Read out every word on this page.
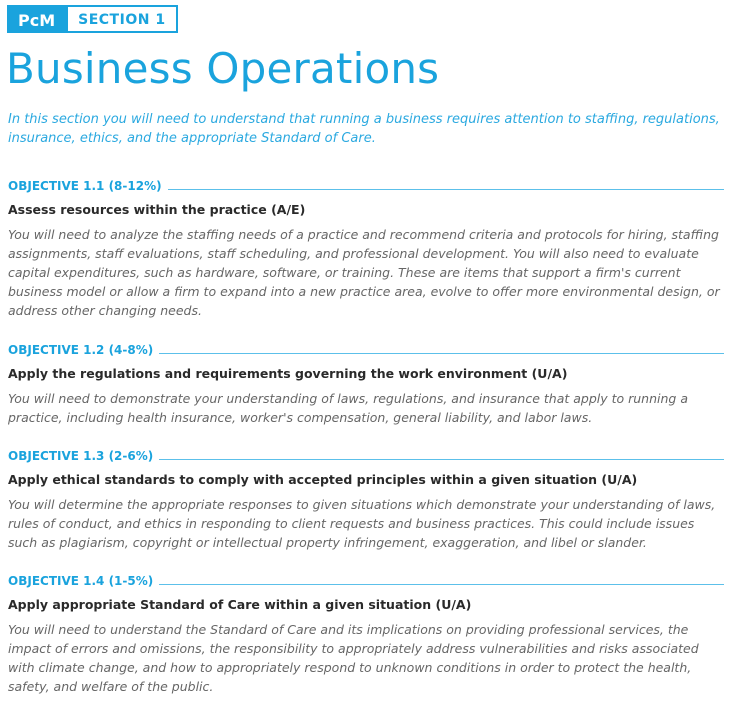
PcM	SECTION 1
Business Operations

In this section you will need to understand that running a business requires attention to staffing, regulations, insurance, ethics, and the appropriate Standard of Care.

OBJECTIVE 1.1 (8-12%)

Assess resources within the practice (A/E)

You will need to analyze the staffing needs of a practice and recommend criteria and protocols for hiring, staffing assignments, staff evaluations, staff scheduling, and professional development. You will also need to evaluate capital expenditures, such as hardware, software, or training. These are items that support a firm's current business model or allow a firm to expand into a new practice area, evolve to offer more environmental design, or address other changing needs.

OBJECTIVE 1.2 (4-8%)

Apply the regulations and requirements governing the work environment (U/A)

You will need to demonstrate your understanding of laws, regulations, and insurance that apply to running a practice, including health insurance, worker's compensation, general liability, and labor laws.

OBJECTIVE 1.3 (2-6%)

Apply ethical standards to comply with accepted principles within a given situation (U/A)

You will determine the appropriate responses to given situations which demonstrate your understanding of laws, rules of conduct, and ethics in responding to client requests and business practices. This could include issues such as plagiarism, copyright or intellectual property infringement, exaggeration, and libel or slander.

OBJECTIVE 1.4 (1-5%)

Apply appropriate Standard of Care within a given situation (U/A)

You will need to understand the Standard of Care and its implications on providing professional services, the impact of errors and omissions, the responsibility to appropriately address vulnerabilities and risks associated with climate change, and how to appropriately respond to unknown conditions in order to protect the health, safety, and welfare of the public.
